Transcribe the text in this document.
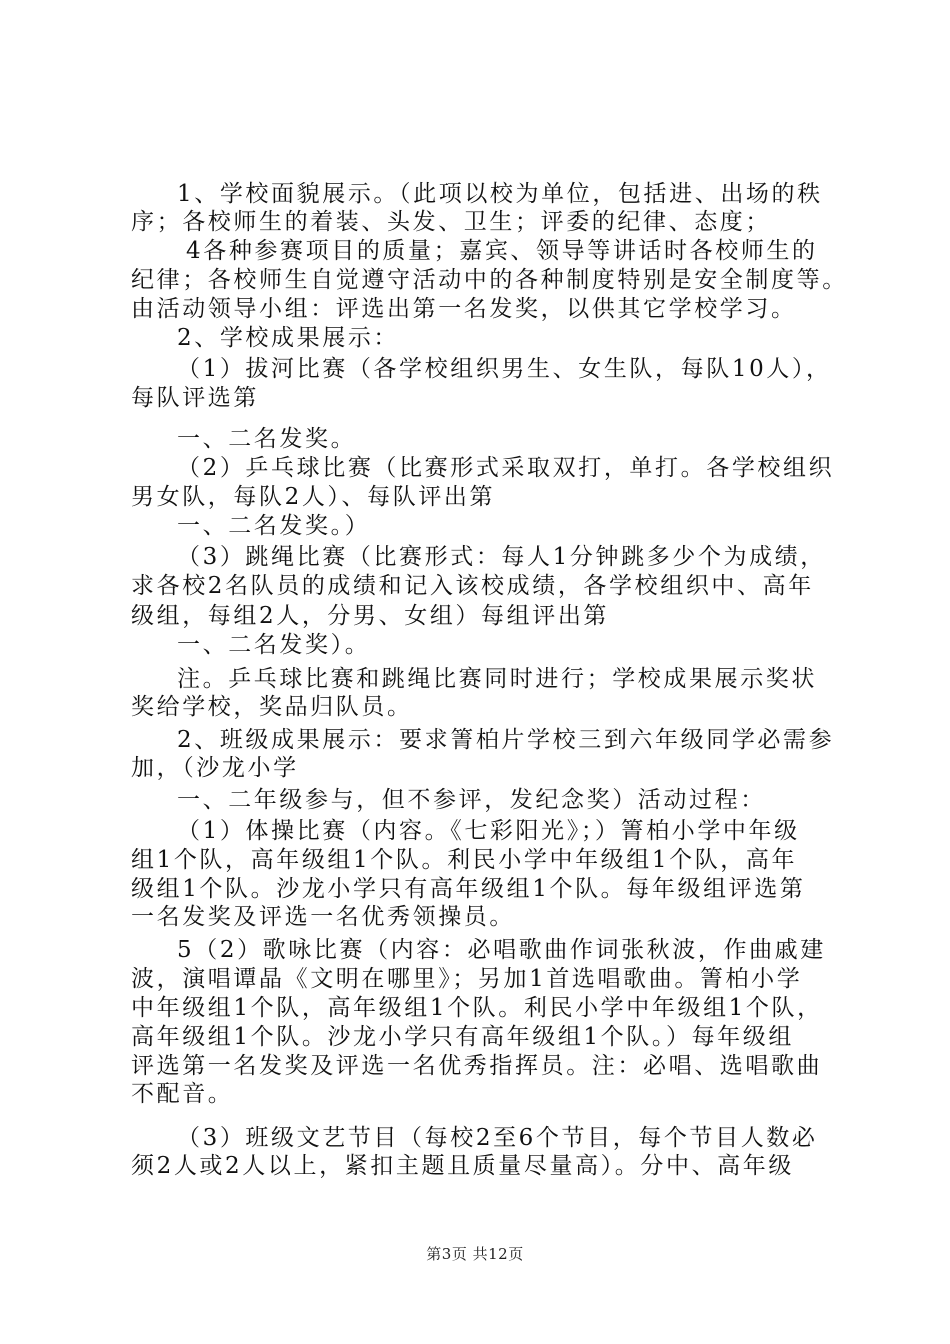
1、学校面貌展示。（此项以校为单位，包括进、出场的秩
序；各校师生的着装、头发、卫生；评委的纪律、态度；
4各种参赛项目的质量；嘉宾、领导等讲话时各校师生的
纪律；各校师生自觉遵守活动中的各种制度特别是安全制度等。
由活动领导小组：评选出第一名发奖，以供其它学校学习。
2、学校成果展示：
（1）拔河比赛（各学校组织男生、女生队，每队10人），
每队评选第
一、二名发奖。
（2）乒乓球比赛（比赛形式采取双打，单打。各学校组织
男女队，每队2人）、每队评出第
一、二名发奖。）
（3）跳绳比赛（比赛形式：每人1分钟跳多少个为成绩，
求各校2名队员的成绩和记入该校成绩，各学校组织中、高年
级组，每组2人，分男、女组）每组评出第
一、二名发奖）。
注。乒乓球比赛和跳绳比赛同时进行；学校成果展示奖状
奖给学校，奖品归队员。
2、班级成果展示：要求箐柏片学校三到六年级同学必需参
加，（沙龙小学
一、二年级参与，但不参评，发纪念奖）活动过程：
（1）体操比赛（内容。《七彩阳光》；）箐柏小学中年级
组1个队，高年级组1个队。利民小学中年级组1个队，高年
级组1个队。沙龙小学只有高年级组1个队。每年级组评选第
一名发奖及评选一名优秀领操员。
5（2）歌咏比赛（内容：必唱歌曲作词张秋波，作曲戚建
波，演唱谭晶《文明在哪里》；另加1首选唱歌曲。箐柏小学
中年级组1个队，高年级组1个队。利民小学中年级组1个队，
高年级组1个队。沙龙小学只有高年级组1个队。）每年级组
评选第一名发奖及评选一名优秀指挥员。注：必唱、选唱歌曲
不配音。
（3）班级文艺节目（每校2至6个节目，每个节目人数必
须2人或2人以上，紧扣主题且质量尽量高）。分中、高年级
第3页 共12页
